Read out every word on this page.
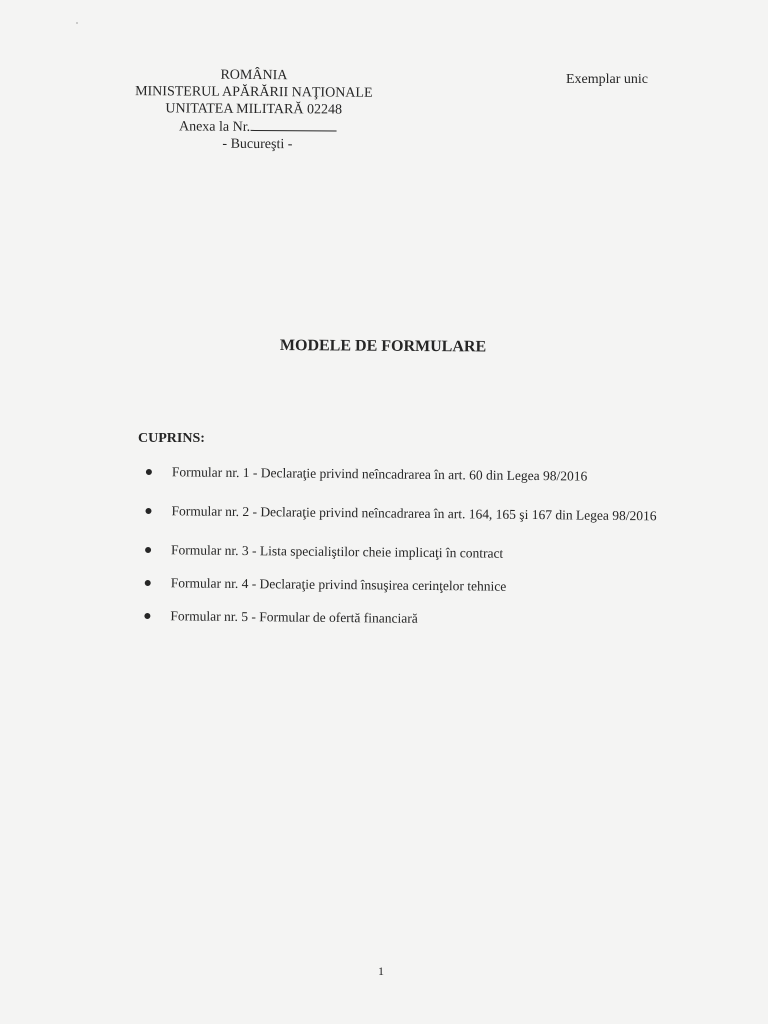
ROMÂNIA
MINISTERUL APĂRĂRII NAŢIONALE
UNITATEA MILITARĂ 02248
Anexa la Nr.
- Bucureşti -
Exemplar unic
MODELE DE FORMULARE
CUPRINS:
Formular nr. 1 - Declaraţie privind neîncadrarea în art. 60 din Legea 98/2016
Formular nr. 2 - Declaraţie privind neîncadrarea în art. 164, 165 şi 167 din Legea 98/2016
Formular nr. 3 - Lista specialiştilor cheie implicaţi în contract
Formular nr. 4 - Declaraţie privind însuşirea cerinţelor tehnice
Formular nr. 5 - Formular de ofertă financiară
1
